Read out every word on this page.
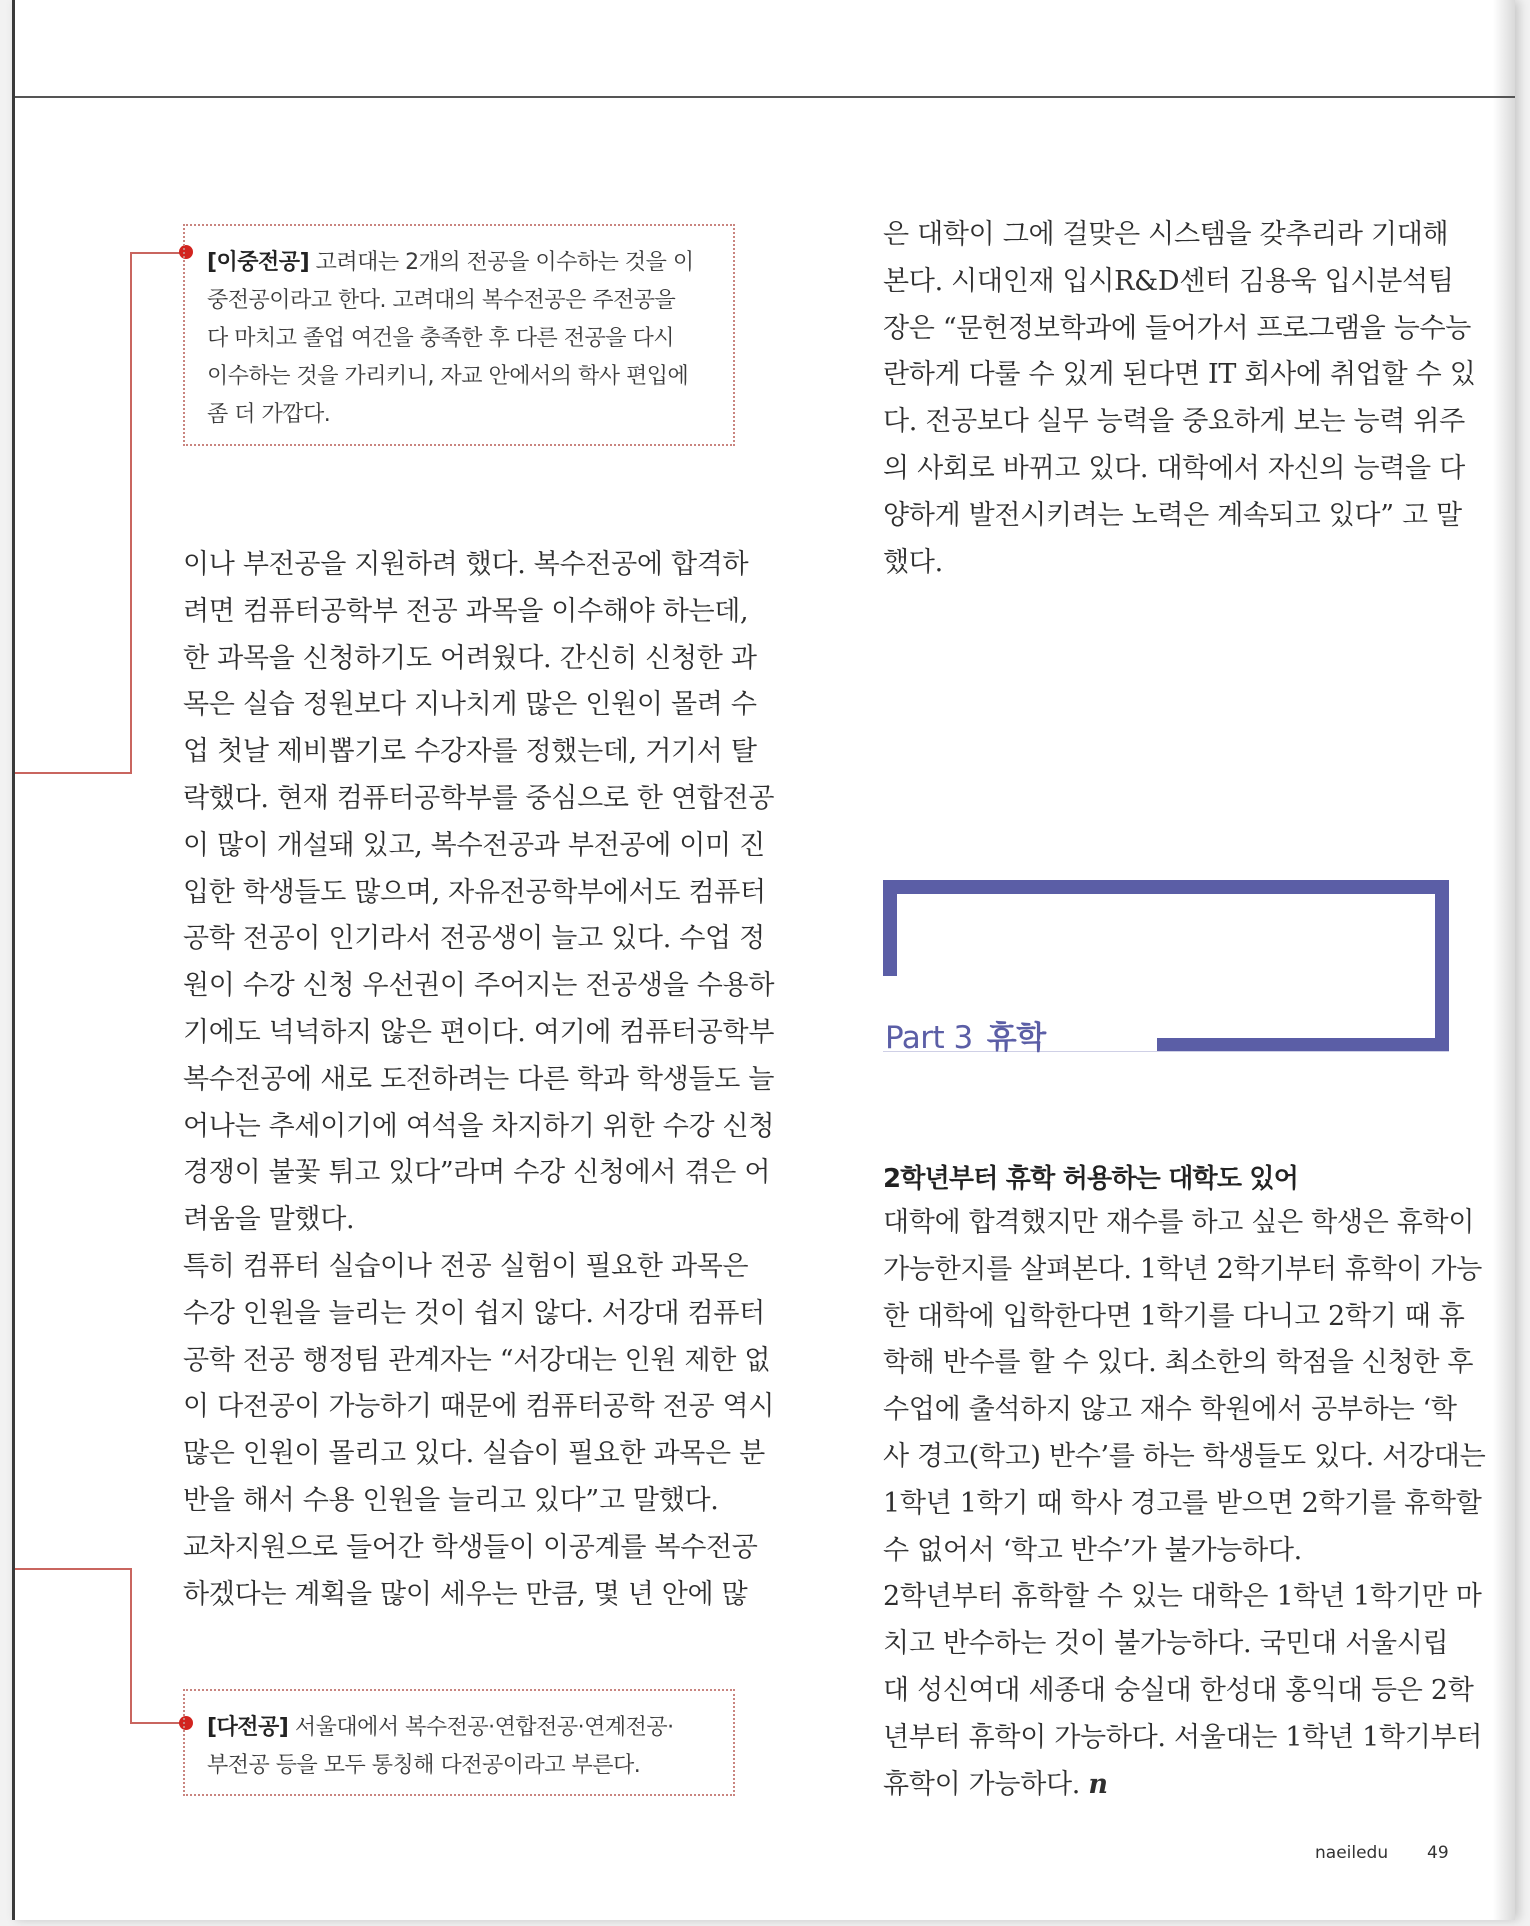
[이중전공] 고려대는 2개의 전공을 이수하는 것을 이
중전공이라고 한다. 고려대의 복수전공은 주전공을
다 마치고 졸업 여건을 충족한 후 다른 전공을 다시
이수하는 것을 가리키니, 자교 안에서의 학사 편입에
좀 더 가깝다.
[다전공] 서울대에서 복수전공·연합전공·연계전공·
부전공 등을 모두 통칭해 다전공이라고 부른다.

이나 부전공을 지원하려 했다. 복수전공에 합격하

려면 컴퓨터공학부 전공 과목을 이수해야 하는데,

한 과목을 신청하기도 어려웠다. 간신히 신청한 과

목은 실습 정원보다 지나치게 많은 인원이 몰려 수

업 첫날 제비뽑기로 수강자를 정했는데, 거기서 탈

락했다. 현재 컴퓨터공학부를 중심으로 한 연합전공

이 많이 개설돼 있고, 복수전공과 부전공에 이미 진

입한 학생들도 많으며, 자유전공학부에서도 컴퓨터

공학 전공이 인기라서 전공생이 늘고 있다. 수업 정

원이 수강 신청 우선권이 주어지는 전공생을 수용하

기에도 넉넉하지 않은 편이다. 여기에 컴퓨터공학부

복수전공에 새로 도전하려는 다른 학과 학생들도 늘

어나는 추세이기에 여석을 차지하기 위한 수강 신청

경쟁이 불꽃 튀고 있다”라며 수강 신청에서 겪은 어

려움을 말했다.

특히 컴퓨터 실습이나 전공 실험이 필요한 과목은

수강 인원을 늘리는 것이 쉽지 않다. 서강대 컴퓨터

공학 전공 행정팀 관계자는 “서강대는 인원 제한 없

이 다전공이 가능하기 때문에 컴퓨터공학 전공 역시

많은 인원이 몰리고 있다. 실습이 필요한 과목은 분

반을 해서 수용 인원을 늘리고 있다”고 말했다.

교차지원으로 들어간 학생들이 이공계를 복수전공

하겠다는 계획을 많이 세우는 만큼, 몇 년 안에 많

은 대학이 그에 걸맞은 시스템을 갖추리라 기대해

본다. 시대인재 입시R&D센터 김용욱 입시분석팀

장은 “문헌정보학과에 들어가서 프로그램을 능수능

란하게 다룰 수 있게 된다면 IT 회사에 취업할 수 있

다. 전공보다 실무 능력을 중요하게 보는 능력 위주

의 사회로 바뀌고 있다. 대학에서 자신의 능력을 다

양하게 발전시키려는 노력은 계속되고 있다” 고 말

했다.

Part 3 휴학
2학년부터 휴학 허용하는 대학도 있어

대학에 합격했지만 재수를 하고 싶은 학생은 휴학이

가능한지를 살펴본다. 1학년 2학기부터 휴학이 가능

한 대학에 입학한다면 1학기를 다니고 2학기 때 휴

학해 반수를 할 수 있다. 최소한의 학점을 신청한 후

수업에 출석하지 않고 재수 학원에서 공부하는 ‘학

사 경고(학고) 반수’를 하는 학생들도 있다. 서강대는

1학년 1학기 때 학사 경고를 받으면 2학기를 휴학할

수 없어서 ‘학고 반수’가 불가능하다.

2학년부터 휴학할 수 있는 대학은 1학년 1학기만 마

치고 반수하는 것이 불가능하다. 국민대 서울시립

대 성신여대 세종대 숭실대 한성대 홍익대 등은 2학

년부터 휴학이 가능하다. 서울대는 1학년 1학기부터

휴학이 가능하다. n

naeiledu 49
